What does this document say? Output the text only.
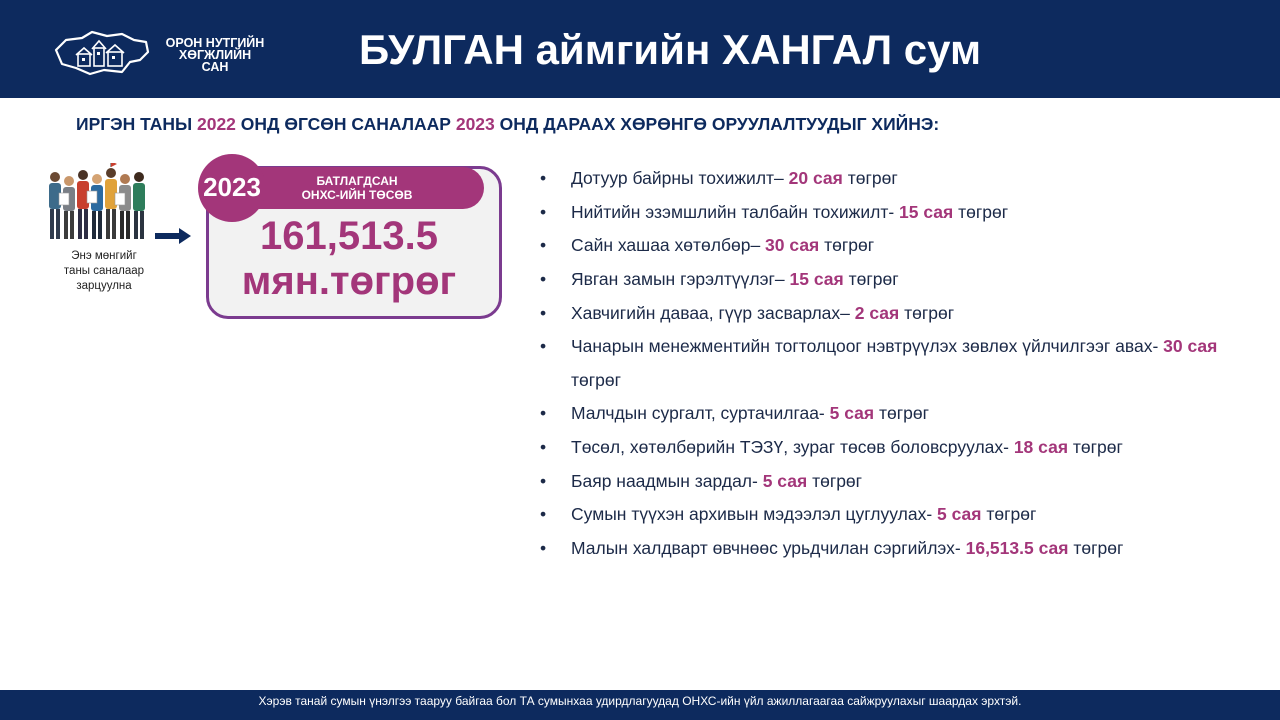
ОРОН НУТГИЙН
ХӨГЖЛИЙН
САН	БУЛГАН аймгийн ХАНГАЛ сум
ИРГЭН ТАНЫ 2022 ОНД ӨГСӨН САНАЛААР 2023 ОНД ДАРААХ ХӨРӨНГӨ ОРУУЛАЛТУУДЫГ ХИЙНЭ:
Энэ мөнгийг
таны саналаар
зарцуулна
БАТЛАГДСАН
ОНХС-ИЙН ТӨСӨВ
2023
161,513.5
мян.төгрөг
• Дотуур байрны тохижилт– 20 сая төгрөг
• Нийтийн эзэмшлийн талбайн тохижилт- 15 сая төгрөг
• Сайн хашаа хөтөлбөр– 30 сая төгрөг
• Явган замын гэрэлтүүлэг– 15 сая төгрөг
• Хавчигийн даваа, гүүр засварлах– 2 сая төгрөг
• Чанарын менежментийн тогтолцоог нэвтрүүлэх зөвлөх үйлчилгээг авах- 30 сая төгрөг
• Малчдын сургалт, суртачилгаа- 5 сая төгрөг
• Төсөл, хөтөлбөрийн ТЭЗҮ, зураг төсөв боловсруулах- 18 сая төгрөг
• Баяр наадмын зардал- 5 сая төгрөг
• Сумын түүхэн архивын мэдээлэл цуглуулах- 5 сая төгрөг
• Малын халдварт өвчнөөс урьдчилан сэргийлэх- 16,513.5 сая төгрөг
Хэрэв танай сумын үнэлгээ тааруу байгаа бол ТА сумынхаа удирдлагуудад ОНХС-ийн үйл ажиллагаагаа сайжруулахыг шаардах эрхтэй.
